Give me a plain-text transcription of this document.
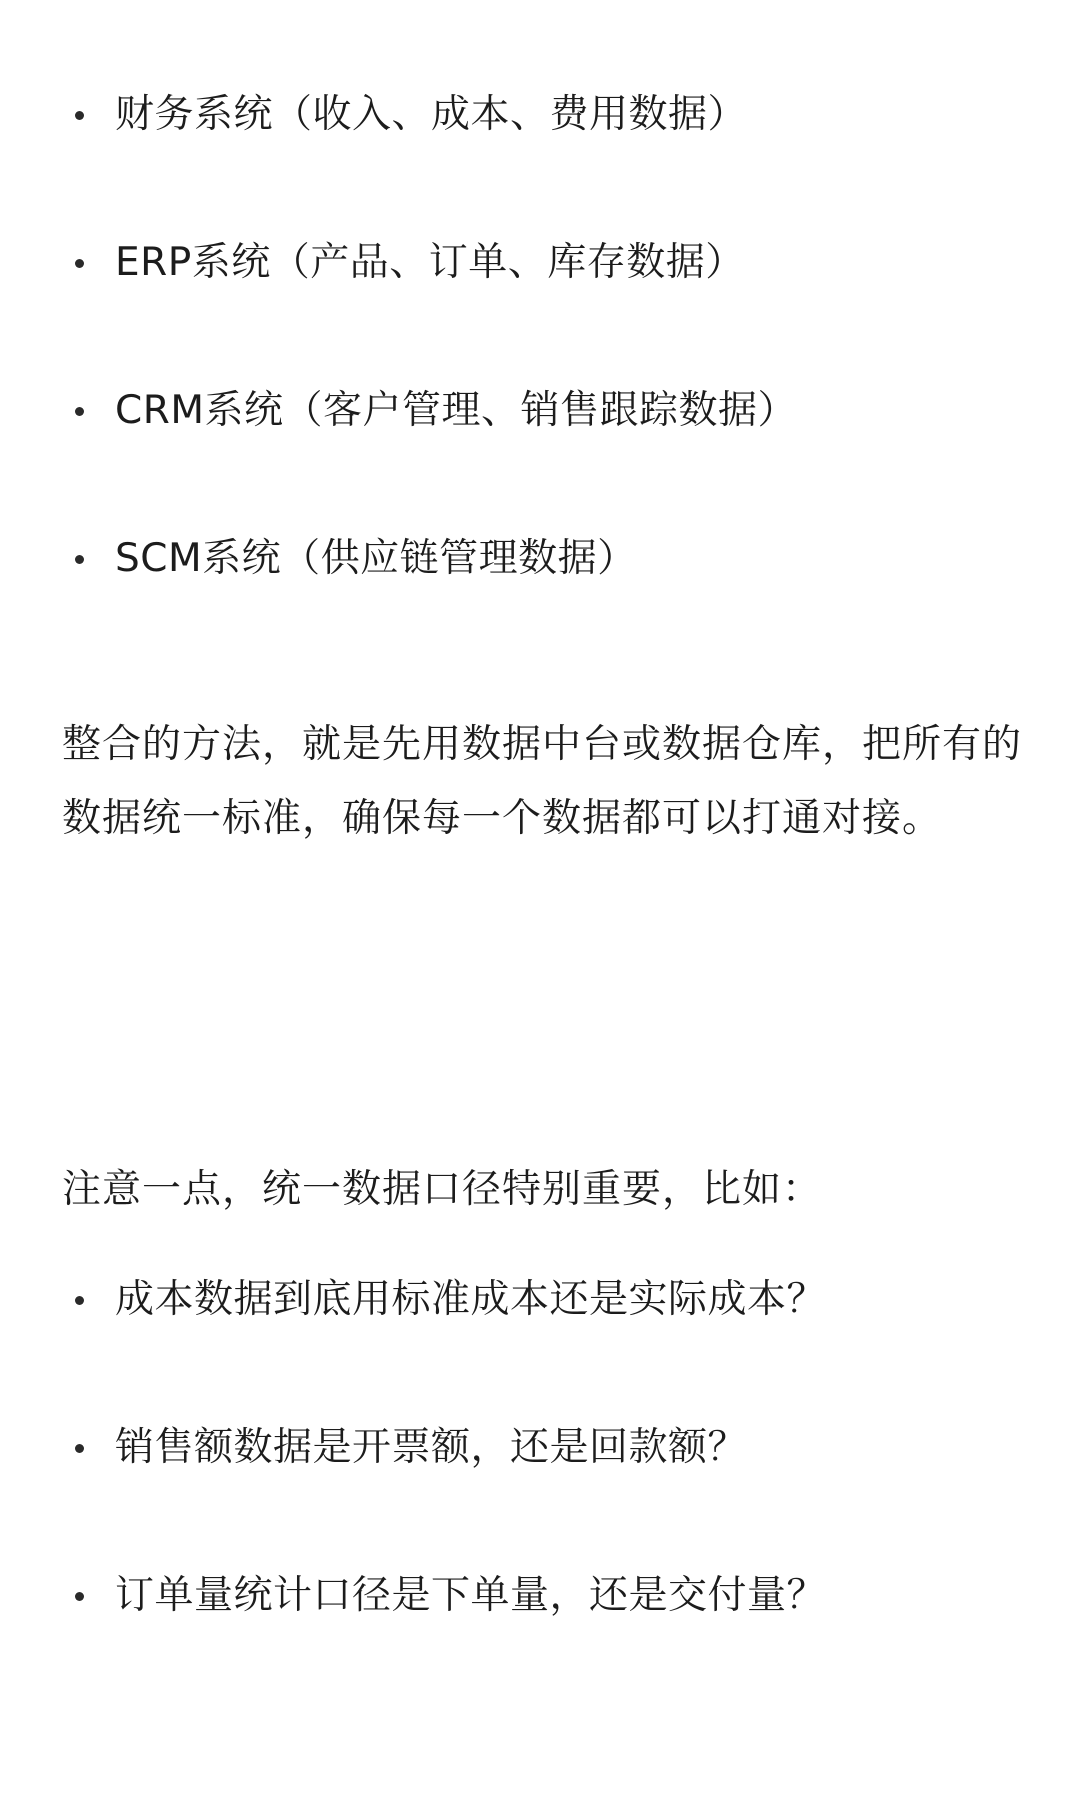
财务系统（收入、成本、费用数据）
ERP系统（产品、订单、库存数据）
CRM系统（客户管理、销售跟踪数据）
SCM系统（供应链管理数据）

整合的方法，就是先用数据中台或数据仓库，把所有的数据统一标准，确保每一个数据都可以打通对接。

注意一点，统一数据口径特别重要，比如：

成本数据到底用标准成本还是实际成本？
销售额数据是开票额，还是回款额？
订单量统计口径是下单量，还是交付量？
